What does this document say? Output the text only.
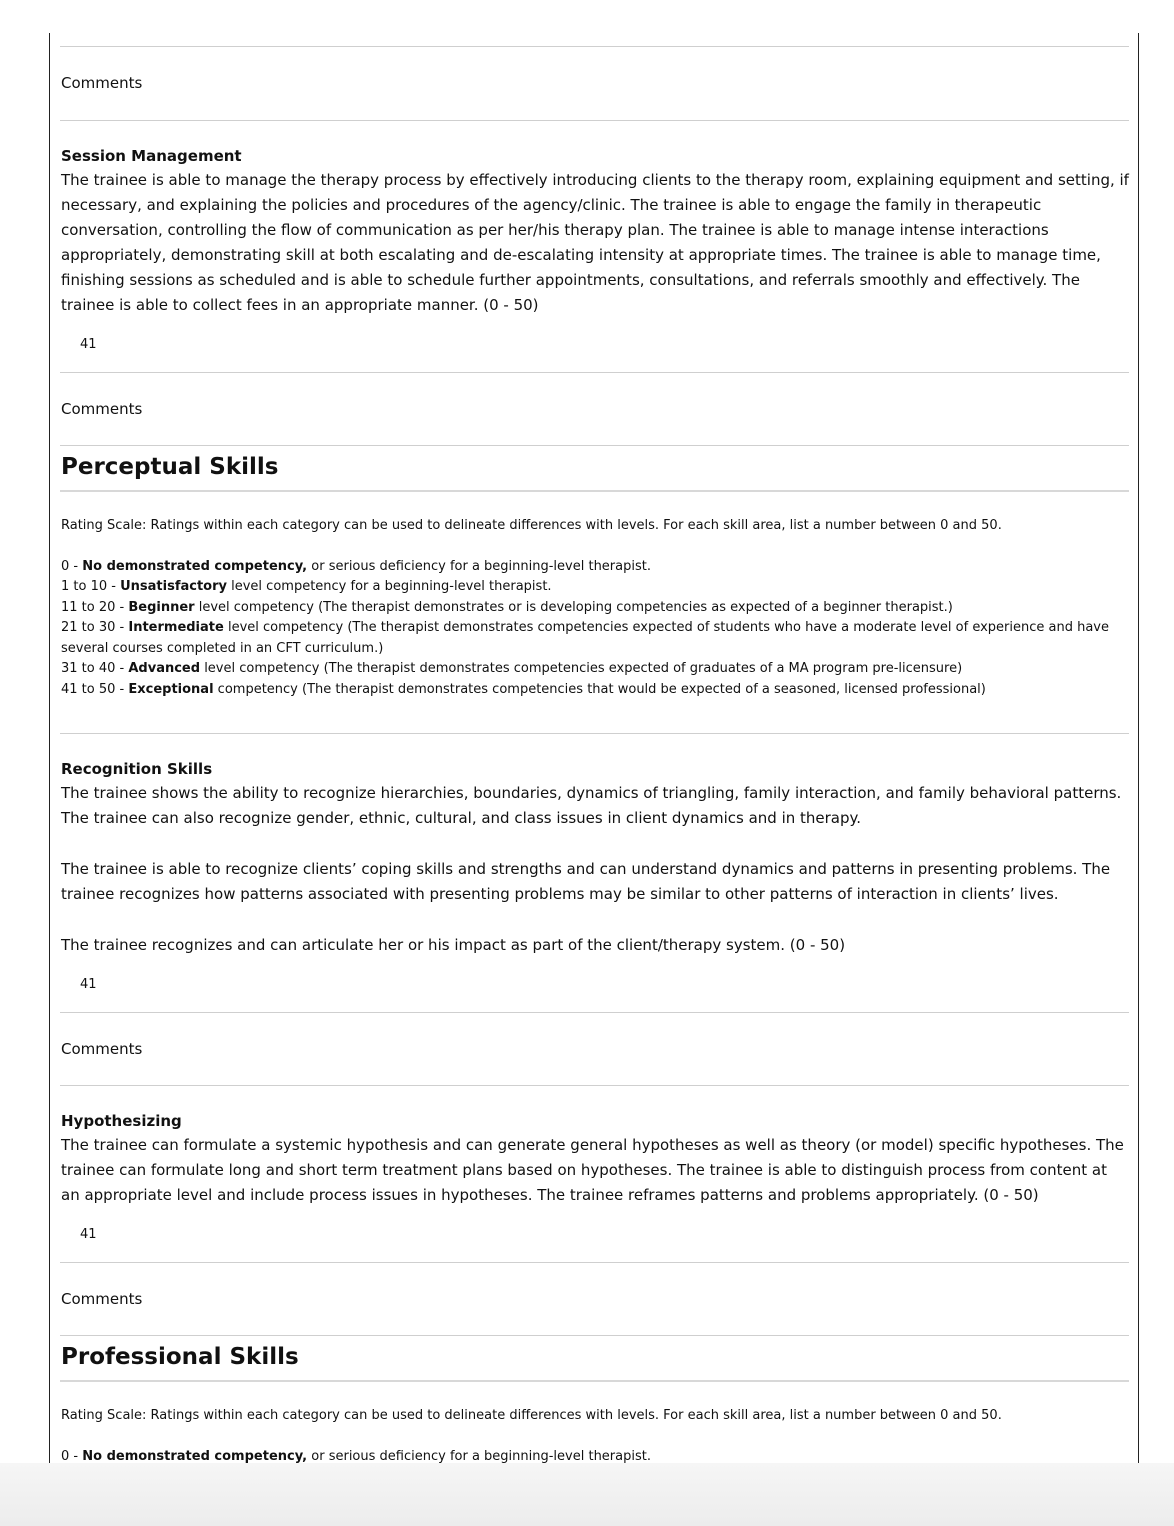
Comments
Session Management
The trainee is able to manage the therapy process by effectively introducing clients to the therapy room, explaining equipment and setting, if necessary, and explaining the policies and procedures of the agency/clinic. The trainee is able to engage the family in therapeutic conversation, controlling the flow of communication as per her/his therapy plan. The trainee is able to manage intense interactions appropriately, demonstrating skill at both escalating and de-escalating intensity at appropriate times. The trainee is able to manage time, finishing sessions as scheduled and is able to schedule further appointments, consultations, and referrals smoothly and effectively. The trainee is able to collect fees in an appropriate manner. (0 - 50)
41
Comments
Perceptual Skills
Rating Scale: Ratings within each category can be used to delineate differences with levels. For each skill area, list a number between 0 and 50.
0 - No demonstrated competency, or serious deficiency for a beginning-level therapist.
1 to 10 - Unsatisfactory level competency for a beginning-level therapist.
11 to 20 - Beginner level competency (The therapist demonstrates or is developing competencies as expected of a beginner therapist.)
21 to 30 - Intermediate level competency (The therapist demonstrates competencies expected of students who have a moderate level of experience and have several courses completed in an CFT curriculum.)
31 to 40 - Advanced level competency (The therapist demonstrates competencies expected of graduates of a MA program pre-licensure)
41 to 50 - Exceptional competency (The therapist demonstrates competencies that would be expected of a seasoned, licensed professional)
Recognition Skills

The trainee shows the ability to recognize hierarchies, boundaries, dynamics of triangling, family interaction, and family behavioral patterns. The trainee can also recognize gender, ethnic, cultural, and class issues in client dynamics and in therapy.

The trainee is able to recognize clients’ coping skills and strengths and can understand dynamics and patterns in presenting problems. The trainee recognizes how patterns associated with presenting problems may be similar to other patterns of interaction in clients’ lives.

The trainee recognizes and can articulate her or his impact as part of the client/therapy system. (0 - 50)

41
Comments
Hypothesizing
The trainee can formulate a systemic hypothesis and can generate general hypotheses as well as theory (or model) specific hypotheses. The trainee can formulate long and short term treatment plans based on hypotheses. The trainee is able to distinguish process from content at an appropriate level and include process issues in hypotheses. The trainee reframes patterns and problems appropriately. (0 - 50)
41
Comments
Professional Skills
Rating Scale: Ratings within each category can be used to delineate differences with levels. For each skill area, list a number between 0 and 50.
0 - No demonstrated competency, or serious deficiency for a beginning-level therapist.
